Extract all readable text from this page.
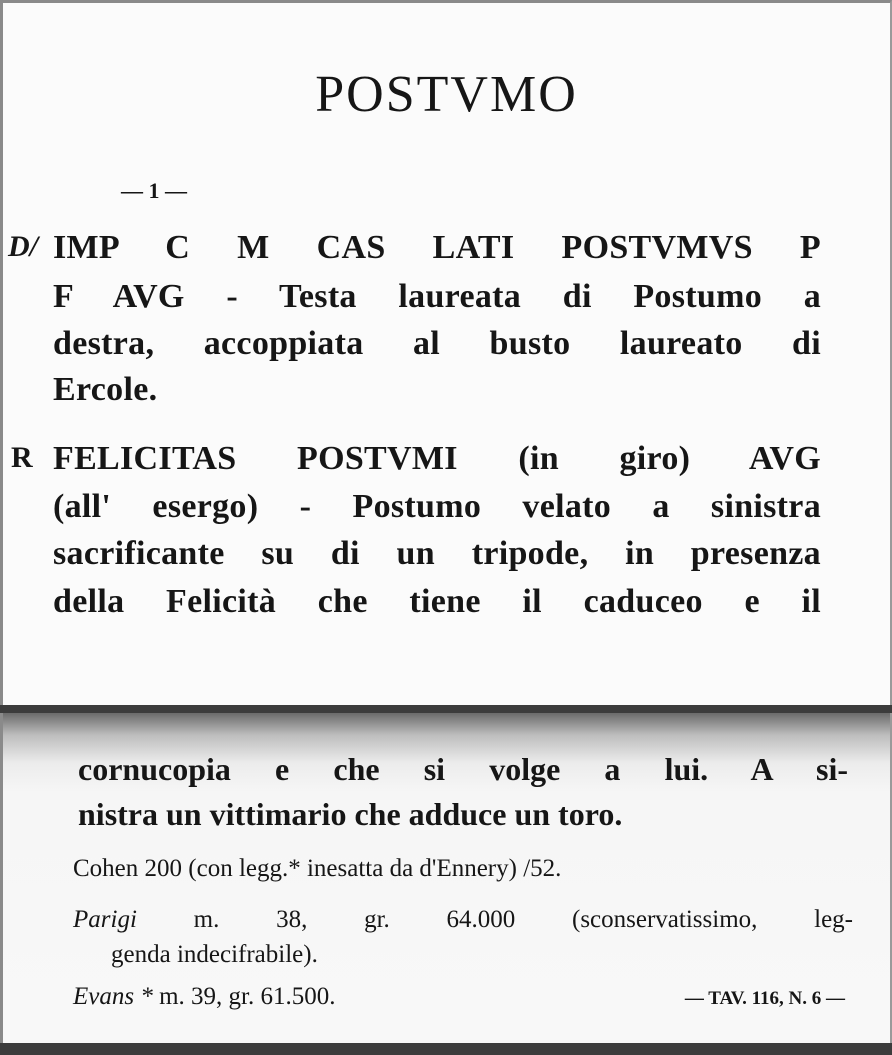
POSTVMO
— 1 —
D/ IMP C M CAS LATI POSTVMVS P
F AVG - Testa laureata di Postumo a
destra, accoppiata al busto laureato di
Ercole.
R FELICITAS POSTVMI (in giro) AVG
(all' esergo) - Postumo velato a sinistra
sacrificante su di un tripode, in presenza
della Felicità che tiene il caduceo e il
cornucopia e che si volge a lui. A si-
nistra un vittimario che adduce un toro.
Cohen 200 (con legg.* inesatta da d'Ennery) /52.
Parigi m. 38, gr. 64.000 (sconservatissimo, leg-
genda indecifrabile).
Evans * m. 39, gr. 61.500.	— TAV. 116, N. 6 —
